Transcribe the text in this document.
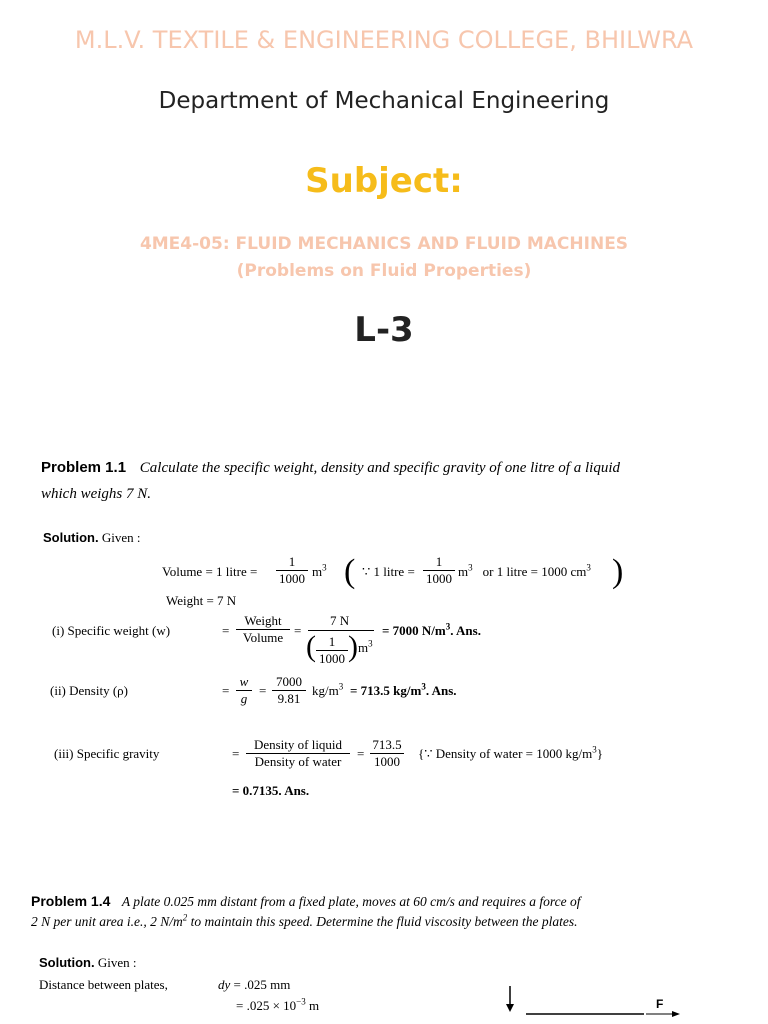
M.L.V. TEXTILE & ENGINEERING COLLEGE, BHILWRA
Department of Mechanical Engineering
Subject:
4ME4-05: FLUID MECHANICS AND FLUID MACHINES
(Problems on Fluid Properties)
L-3
Problem 1.1 Calculate the specific weight, density and specific gravity of one litre of a liquid
which weighs 7 N.
Solution. Given :
Volume = 1 litre = $\frac{1}{1000} m^3$ ( ∵ 1 litre = $\frac{1}{1000} m^3$ or 1 litre = 1000 $cm^3$ )
Weight = 7 N
(i) Specific weight (w)	=
Weight
Volume =
7 N
( $\frac{1}{1000}$ ) $m^3$
= 7000 $N/m^3$. Ans.
(ii) Density (ρ)	= $\frac{w}{g} = \frac{7000}{9.81} kg/m^3 = 713.5$ $kg/m^3$. Ans.
(iii) Specific gravity	=
Density of liquid
Density of water
= $\frac{713.5}{1000}$ {∵ Density of water = 1000 $kg/m^3$}
= 0.7135. Ans.
Problem 1.4 A plate 0.025 mm distant from a fixed plate, moves at 60 cm/s and requires a force of
2 N per unit area i.e., 2 $N/m^2$ to maintain this speed. Determine the fluid viscosity between the plates.
Solution. Given :
Distance between plates,	dy = .025 mm
= $.025 \times 10^{-3}$ m	F
